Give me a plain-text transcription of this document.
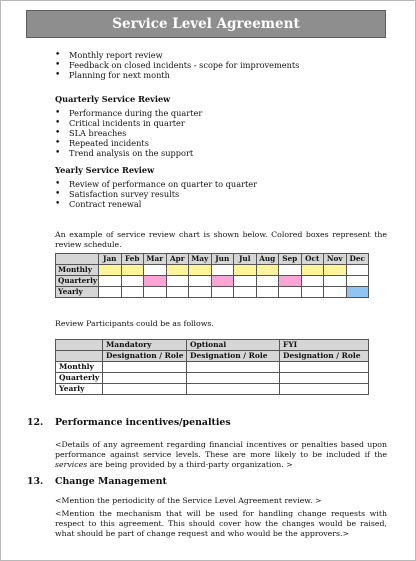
Service Level Agreement
• Monthly report review
• Feedback on closed incidents - scope for improvements
• Planning for next month
Quarterly Service Review
• Performance during the quarter
• Critical incidents in quarter
• SLA breaches
• Repeated incidents
• Trend analysis on the support
Yearly Service Review
• Review of performance on quarter to quarter
• Satisfaction survey results
• Contract renewal
An example of service review chart is shown below. Colored boxes represent the review schedule.
	Jan	Feb	Mar	Apr	May	Jun	Jul	Aug	Sep	Oct	Nov	Dec
Monthly												
Quarterly												
Yearly												
Review Participants could be as follows.
	Mandatory	Optional	FYI
	Designation / Role	Designation / Role	Designation / Role
Monthly			
Quarterly			
Yearly			
12. Performance incentives/penalties
<Details of any agreement regarding financial incentives or penalties based upon performance against service levels. These are more likely to be included if the services are being provided by a third-party organization. >
13. Change Management
<Mention the periodicity of the Service Level Agreement review. >
<Mention the mechanism that will be used for handling change requests with respect to this agreement. This should cover how the changes would be raised, what should be part of change request and who would be the approvers.>
